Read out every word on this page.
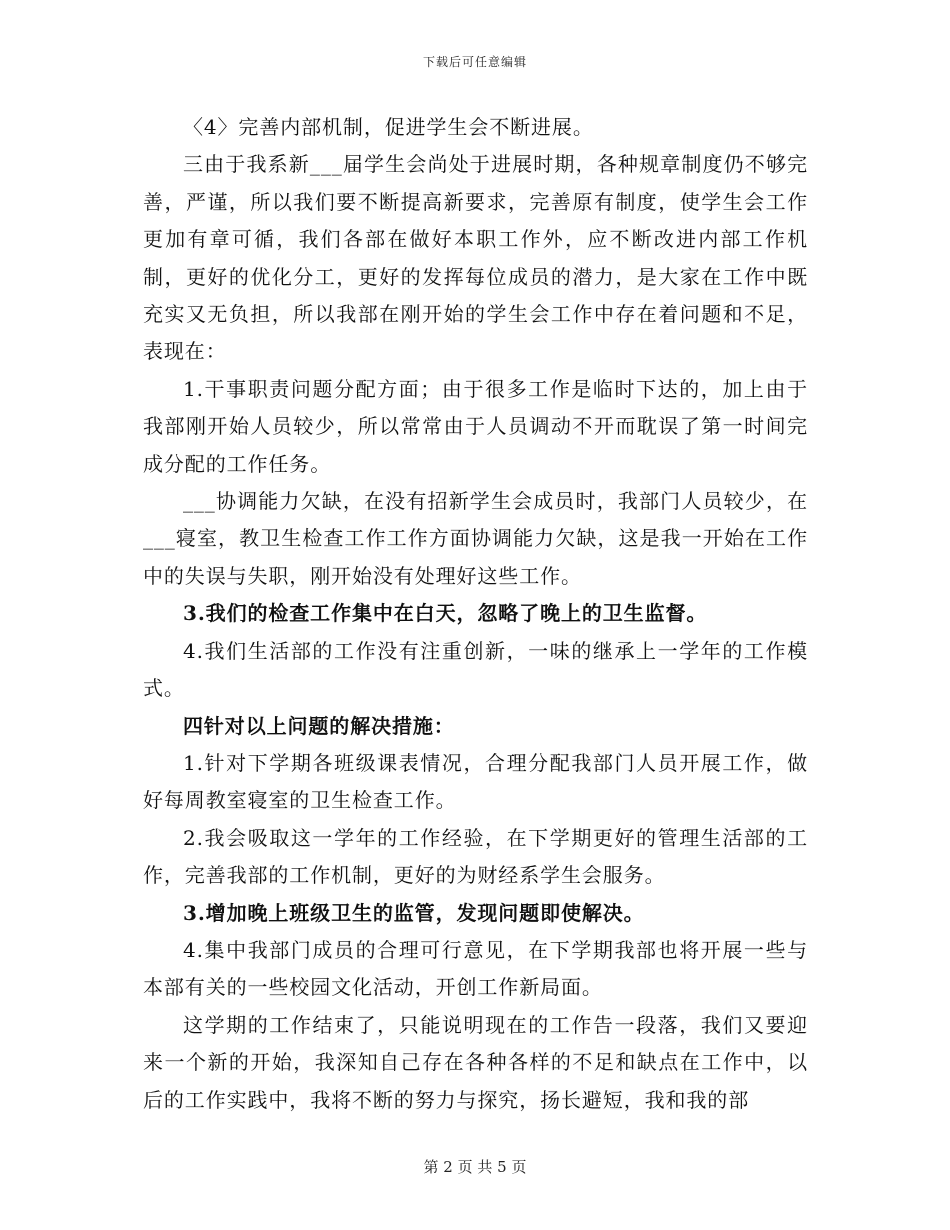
下载后可任意编辑

〈4〉完善内部机制，促进学生会不断进展。

三由于我系新___届学生会尚处于进展时期，各种规章制度仍不够完善，严谨，所以我们要不断提高新要求，完善原有制度，使学生会工作更加有章可循，我们各部在做好本职工作外，应不断改进内部工作机制，更好的优化分工，更好的发挥每位成员的潜力，是大家在工作中既充实又无负担，所以我部在刚开始的学生会工作中存在着问题和不足，表现在：

1.干事职责问题分配方面；由于很多工作是临时下达的，加上由于我部刚开始人员较少，所以常常由于人员调动不开而耽误了第一时间完成分配的工作任务。

___协调能力欠缺，在没有招新学生会成员时，我部门人员较少，在___寝室，教卫生检查工作工作方面协调能力欠缺，这是我一开始在工作中的失误与失职，刚开始没有处理好这些工作。

3.我们的检查工作集中在白天，忽略了晚上的卫生监督。

4.我们生活部的工作没有注重创新，一味的继承上一学年的工作模式。

四针对以上问题的解决措施：

1.针对下学期各班级课表情况，合理分配我部门人员开展工作，做好每周教室寝室的卫生检查工作。

2.我会吸取这一学年的工作经验，在下学期更好的管理生活部的工作，完善我部的工作机制，更好的为财经系学生会服务。

3.增加晚上班级卫生的监管，发现问题即使解决。

4.集中我部门成员的合理可行意见，在下学期我部也将开展一些与本部有关的一些校园文化活动，开创工作新局面。

这学期的工作结束了，只能说明现在的工作告一段落，我们又要迎来一个新的开始，我深知自己存在各种各样的不足和缺点在工作中，以后的工作实践中，我将不断的努力与探究，扬长避短，我和我的部

第 2 页 共 5 页
